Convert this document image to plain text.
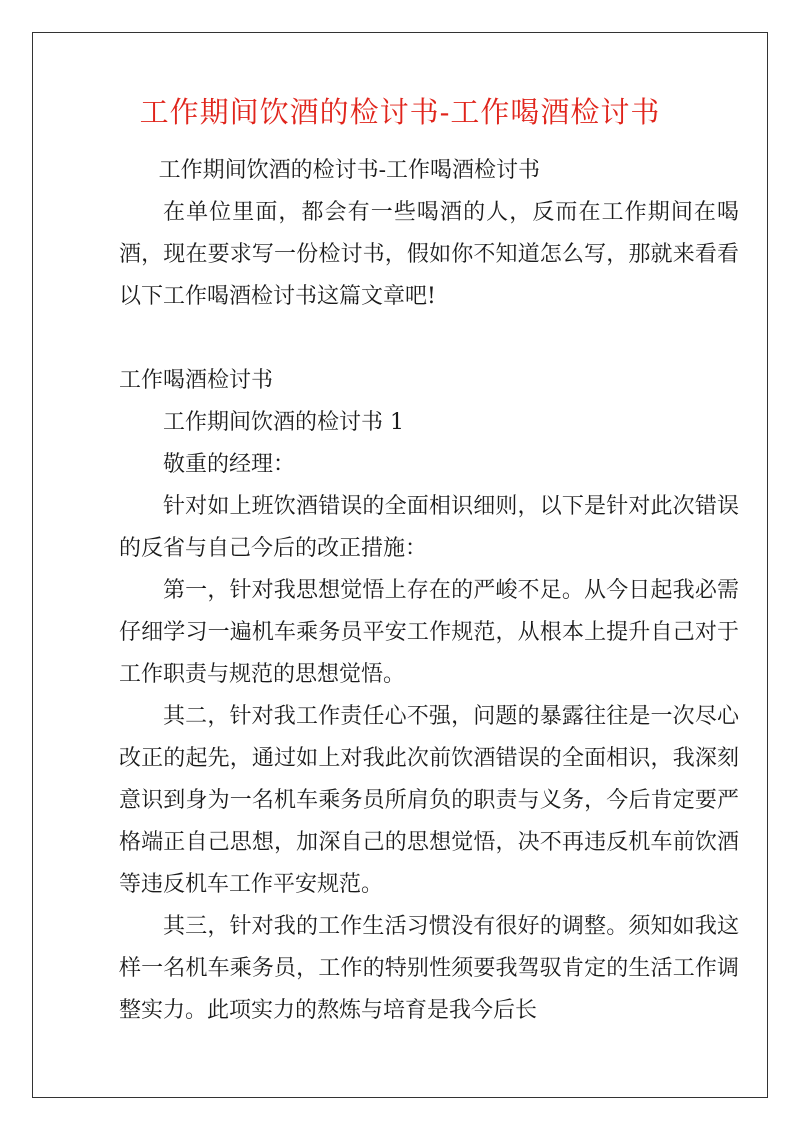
工作期间饮酒的检讨书-工作喝酒检讨书

工作期间饮酒的检讨书-工作喝酒检讨书

在单位里面，都会有一些喝酒的人，反而在工作期间在喝酒，现在要求写一份检讨书，假如你不知道怎么写，那就来看看以下工作喝酒检讨书这篇文章吧!

工作喝酒检讨书

工作期间饮酒的检讨书 1

敬重的经理：

针对如上班饮酒错误的全面相识细则，以下是针对此次错误的反省与自己今后的改正措施：

第一，针对我思想觉悟上存在的严峻不足。从今日起我必需仔细学习一遍机车乘务员平安工作规范，从根本上提升自己对于工作职责与规范的思想觉悟。

其二，针对我工作责任心不强，问题的暴露往往是一次尽心改正的起先，通过如上对我此次前饮酒错误的全面相识，我深刻意识到身为一名机车乘务员所肩负的职责与义务，今后肯定要严格端正自己思想，加深自己的思想觉悟，决不再违反机车前饮酒等违反机车工作平安规范。

其三，针对我的工作生活习惯没有很好的调整。须知如我这样一名机车乘务员，工作的特别性须要我驾驭肯定的生活工作调整实力。此项实力的熬炼与培育是我今后长
